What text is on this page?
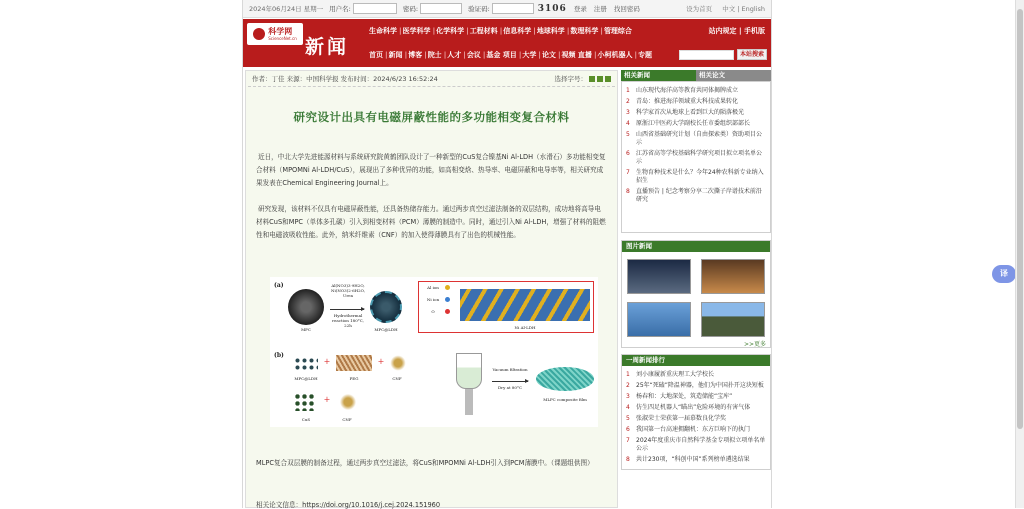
2024年06月24日 星期一 用户名:	密码:	验证码:	3106 登录 注册 找回密码	设为首页 中文 | English
科学网
ScienceNet.cn 新闻
生命科学 |医学科学 |化学科学 |工程材料 |信息科学 |地球科学 |数理科学 |管理综合
首页 |新闻 |博客 |院士 |人才 |会议 |基金 项目 |大学 |论文 |视频 直播 |小柯机器人 |专题
站内规定 | 手机版
本站搜索
作者：丁佳 来源：中国科学报 发布时间：2024/6/23 16:52:24	选择字号：
研究设计出具有电磁屏蔽性能的多功能相变复合材料

近日，中北大学先进能源材料与系统研究院黄鹤团队设计了一种新型的CuS复合镍基Ni Al-LDH（水滑石）多功能相变复合材料（MPOMNi Al-LDH/CuS），展现出了多种优异的功能，如高相变焓、热导率、电磁屏蔽和电导率等，相关研究成果发表在Chemical Engineering Journal上。

研究发现，该材料不仅具有电磁屏蔽性能，还具备热储存能力。通过两步真空过滤法制备的双层结构，成功地将高导电材料CuS和MPC（单体多孔碳）引入到相变材料（PCM）薄膜的制造中。同时，通过引入Ni Al-LDH，增强了材料的阻燃性和电磁波吸收性能。此外，纳米纤维素（CNF）的加入使得薄膜具有了出色的机械性能。

(a)
(b)
MPC
Al(NO3)3·9H2O, Ni(NO3)2·6H2O, Urea
Hydrothermal reaction 180°C, 22h
MPC@LDH
Al ion
Ni ion
O
Ni Al-LDH
MPC@LDH
+
PEG
+
CNF
CuS
+
CNF
Vacuum filtration
Dry at 80°C
MLPC composite film
MLPC复合双层膜的制备过程，通过两步真空过滤法，将CuS和MPOMNi Al-LDH引入到PCM薄膜中。（课题组供图）
相关论文信息：https://doi.org/10.1016/j.cej.2024.151960
相关新闻	相关论文
1	山东现代海洋高等教育共同体揭牌成立
2	青岛：推进海洋领域重大科技成果转化
3	科学家首次从地球上看到巨大的陨落极光
4	原浙江中医药大学副校长任市委组织部部长
5	山西省基础研究计划（自由探索类）资助项目公示
6	江苏省高等学校基础科学研究项目拟立项名单公示
7	生物育种技术是什么？今年24种农科新专业纳入招生
8	直播预告 | 纪念考察分享二次撕子岸谱技术前沿研究
图片新闻
>>更多
一周新闻排行
1	刘小康履新重庆理工大学校长
2	25年“死磕”降温神器，他们为中国扑开这块短板
3	杨春和：大地深处，筑造储能“宝库”
4	仿生四足机器人“瞄出”危险环境的有害气体
5	张淑荣士荣获第一届慕数良化学奖
6	我国第一台高速拥翻机：东方巨响下的执门
7	2024年度重庆市自然科学基金专项拟立项单名单公示
8	共计230项，“科创中国”系列榜单遴选结果
译
